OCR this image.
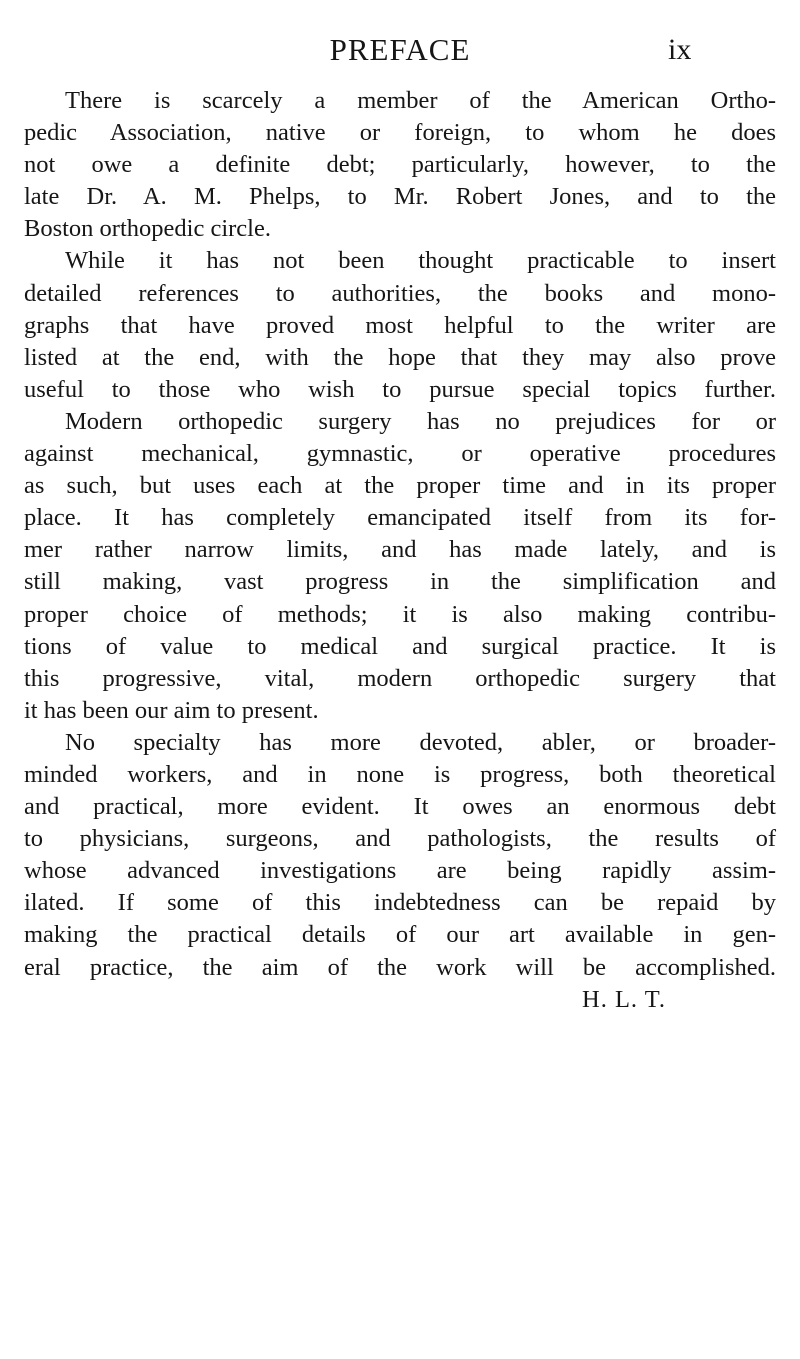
PREFACE	ix
There is scarcely a member of the American Ortho-
pedic Association, native or foreign, to whom he does
not owe a definite debt; particularly, however, to the
late Dr. A. M. Phelps, to Mr. Robert Jones, and to the
Boston orthopedic circle.
While it has not been thought practicable to insert
detailed references to authorities, the books and mono-
graphs that have proved most helpful to the writer are
listed at the end, with the hope that they may also prove
useful to those who wish to pursue special topics further.
Modern orthopedic surgery has no prejudices for or
against mechanical, gymnastic, or operative procedures
as such, but uses each at the proper time and in its proper
place. It has completely emancipated itself from its for-
mer rather narrow limits, and has made lately, and is
still making, vast progress in the simplification and
proper choice of methods; it is also making contribu-
tions of value to medical and surgical practice. It is
this progressive, vital, modern orthopedic surgery that
it has been our aim to present.
No specialty has more devoted, abler, or broader-
minded workers, and in none is progress, both theoretical
and practical, more evident. It owes an enormous debt
to physicians, surgeons, and pathologists, the results of
whose advanced investigations are being rapidly assim-
ilated. If some of this indebtedness can be repaid by
making the practical details of our art available in gen-
eral practice, the aim of the work will be accomplished.
H. L. T.
